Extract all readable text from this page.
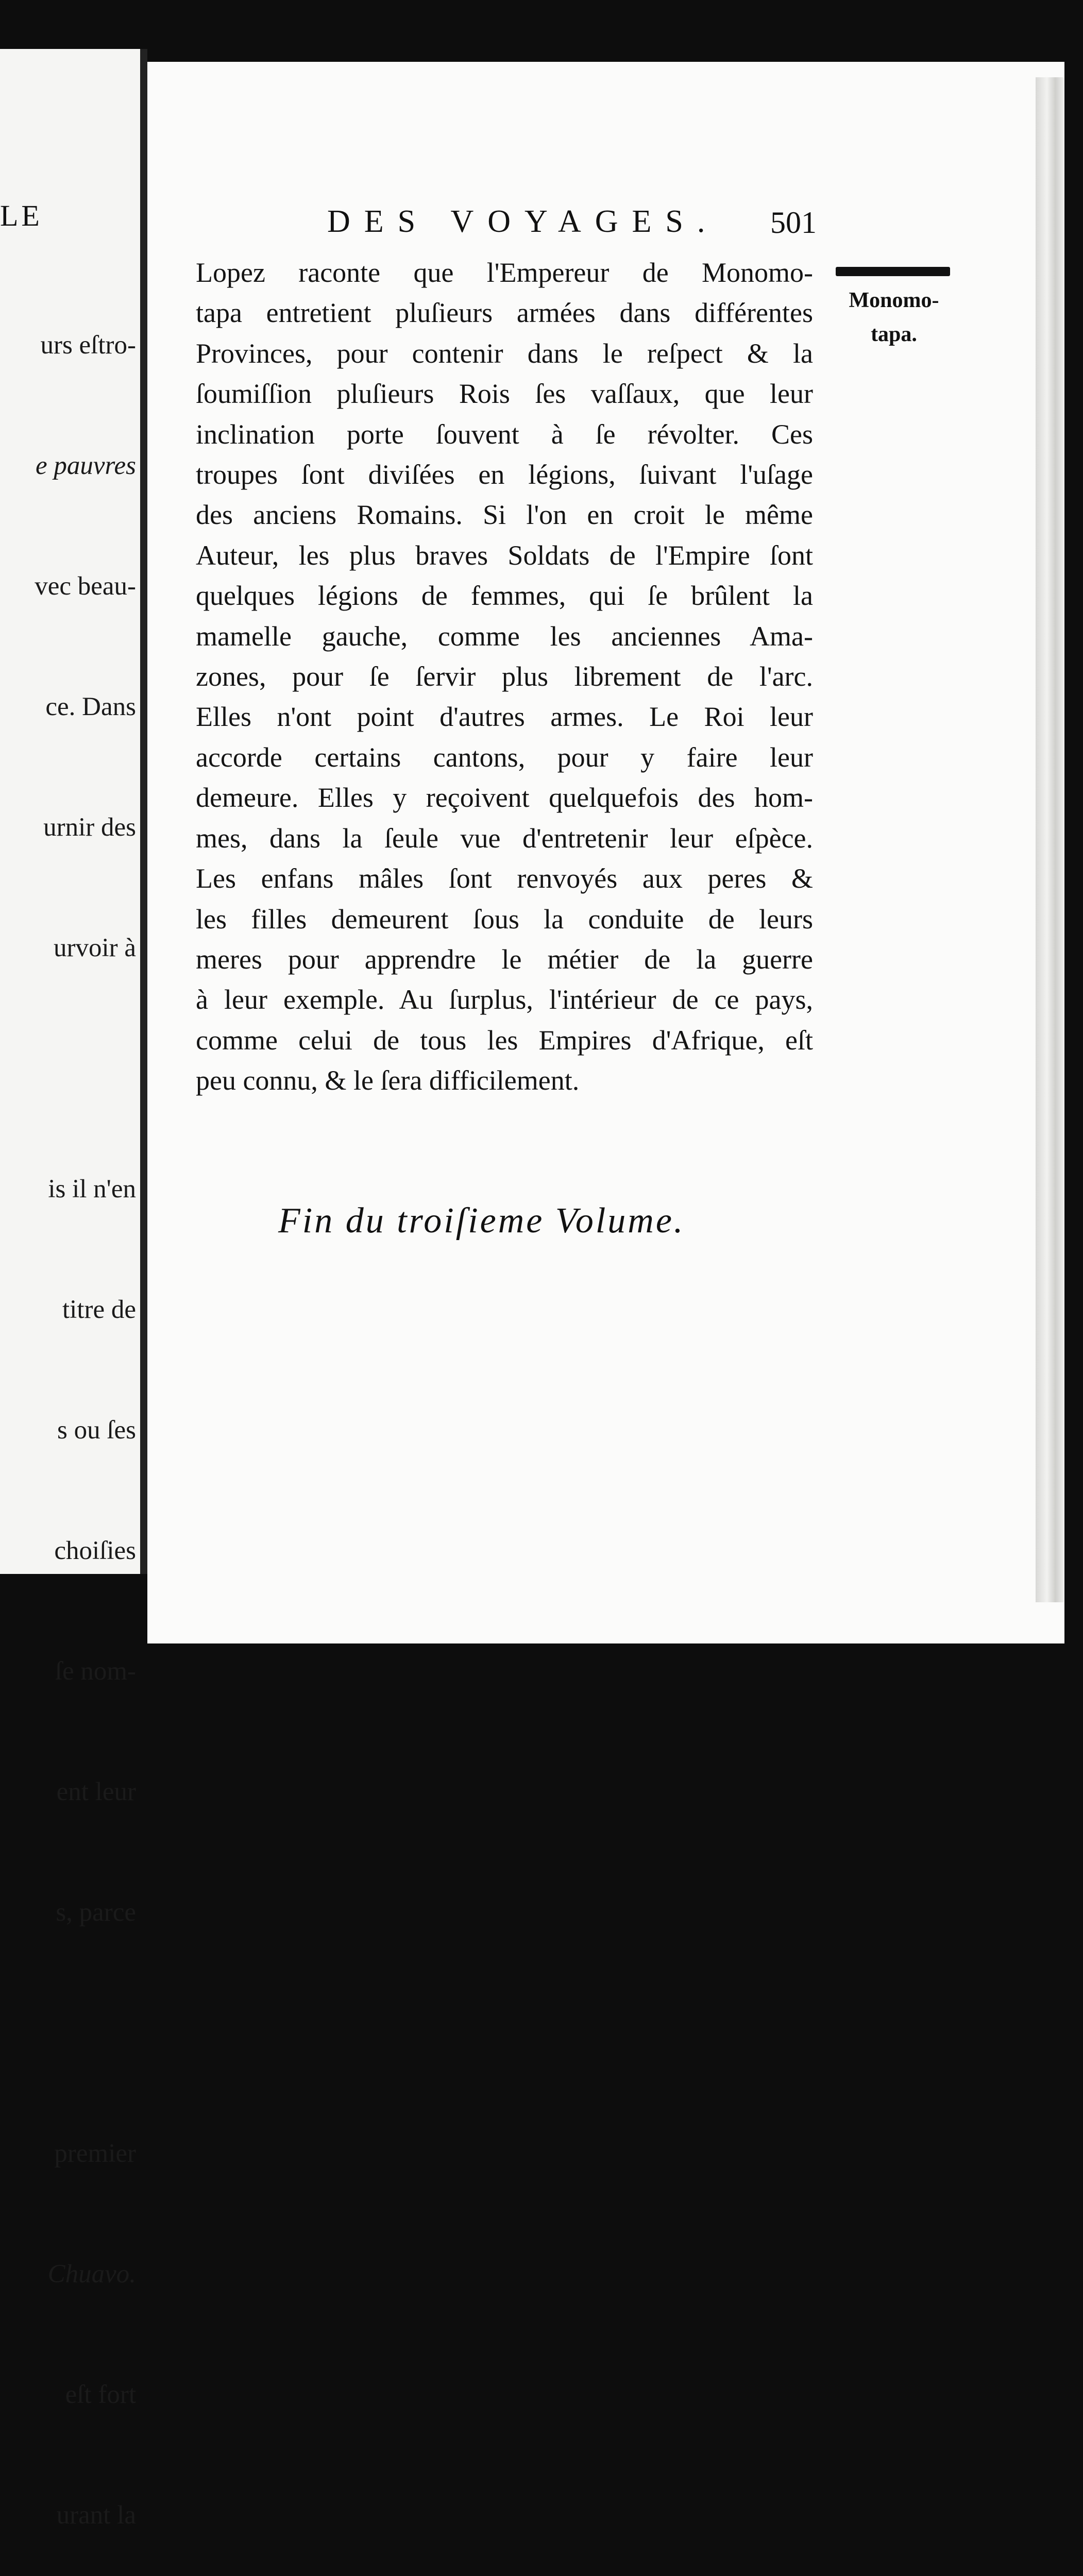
LE

urs eſtro-

e pauvres

vec beau-

ce. Dans

urnir des

urvoir à

is il n'en

titre de

s ou ſes

choiſies

ſe nom-

ent leur

s, parce

premier

Chuavo.

eſt fort

urant la

DES VOYAGES. 501
Monomo-
tapa.
Lopez raconte que l'Empereur de Monomo-
tapa entretient pluſieurs armées dans différentes
Provinces, pour contenir dans le reſpect & la
ſoumiſſion pluſieurs Rois ſes vaſſaux, que leur
inclination porte ſouvent à ſe révolter. Ces
troupes ſont diviſées en légions, ſuivant l'uſage
des anciens Romains. Si l'on en croit le même
Auteur, les plus braves Soldats de l'Empire ſont
quelques légions de femmes, qui ſe brûlent la
mamelle gauche, comme les anciennes Ama-
zones, pour ſe ſervir plus librement de l'arc.
Elles n'ont point d'autres armes. Le Roi leur
accorde certains cantons, pour y faire leur
demeure. Elles y reçoivent quelquefois des hom-
mes, dans la ſeule vue d'entretenir leur eſpèce.
Les enfans mâles ſont renvoyés aux peres &
les filles demeurent ſous la conduite de leurs
meres pour apprendre le métier de la guerre
à leur exemple. Au ſurplus, l'intérieur de ce pays,
comme celui de tous les Empires d'Afrique, eſt
peu connu, & le ſera difficilement.
Fin du troiſieme Volume.
